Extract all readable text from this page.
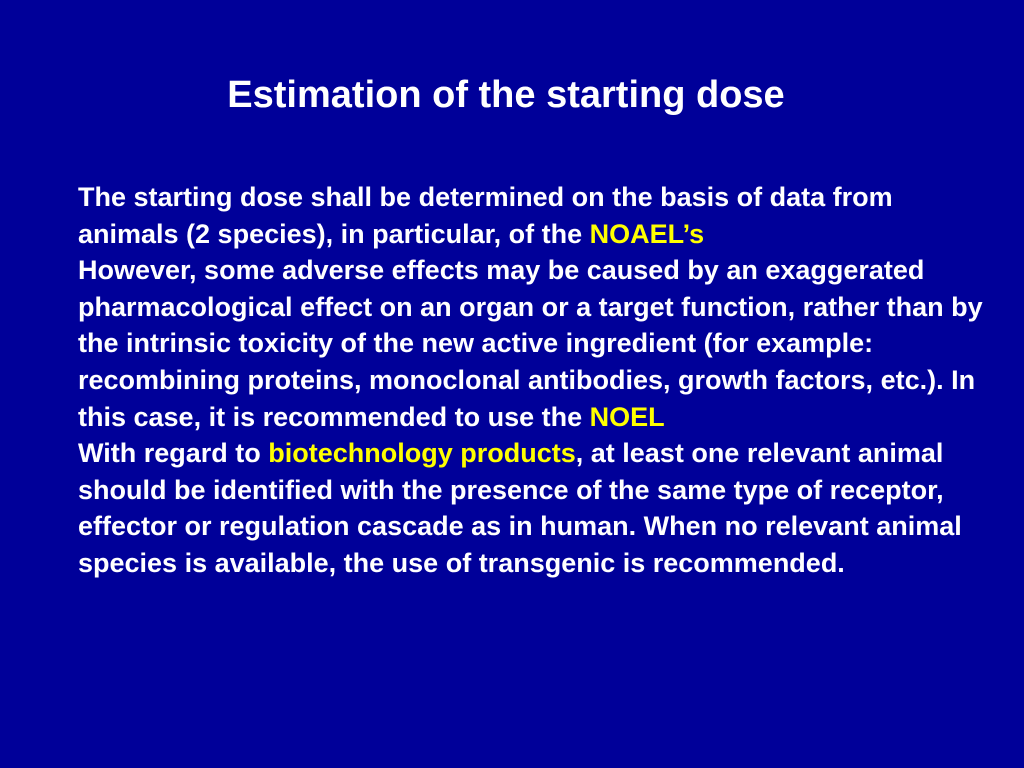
Estimation of the starting dose

The starting dose shall be determined on the basis of data from animals (2 species), in particular, of the NOAEL’s

However, some adverse effects may be caused by an exaggerated pharmacological effect on an organ or a target function, rather than by the intrinsic toxicity of the new active ingredient (for example: recombining proteins, monoclonal antibodies, growth factors, etc.). In this case, it is recommended to use the NOEL

With regard to biotechnology products, at least one relevant animal should be identified with the presence of the same type of receptor, effector or regulation cascade as in human. When no relevant animal species is available, the use of transgenic is recommended.
